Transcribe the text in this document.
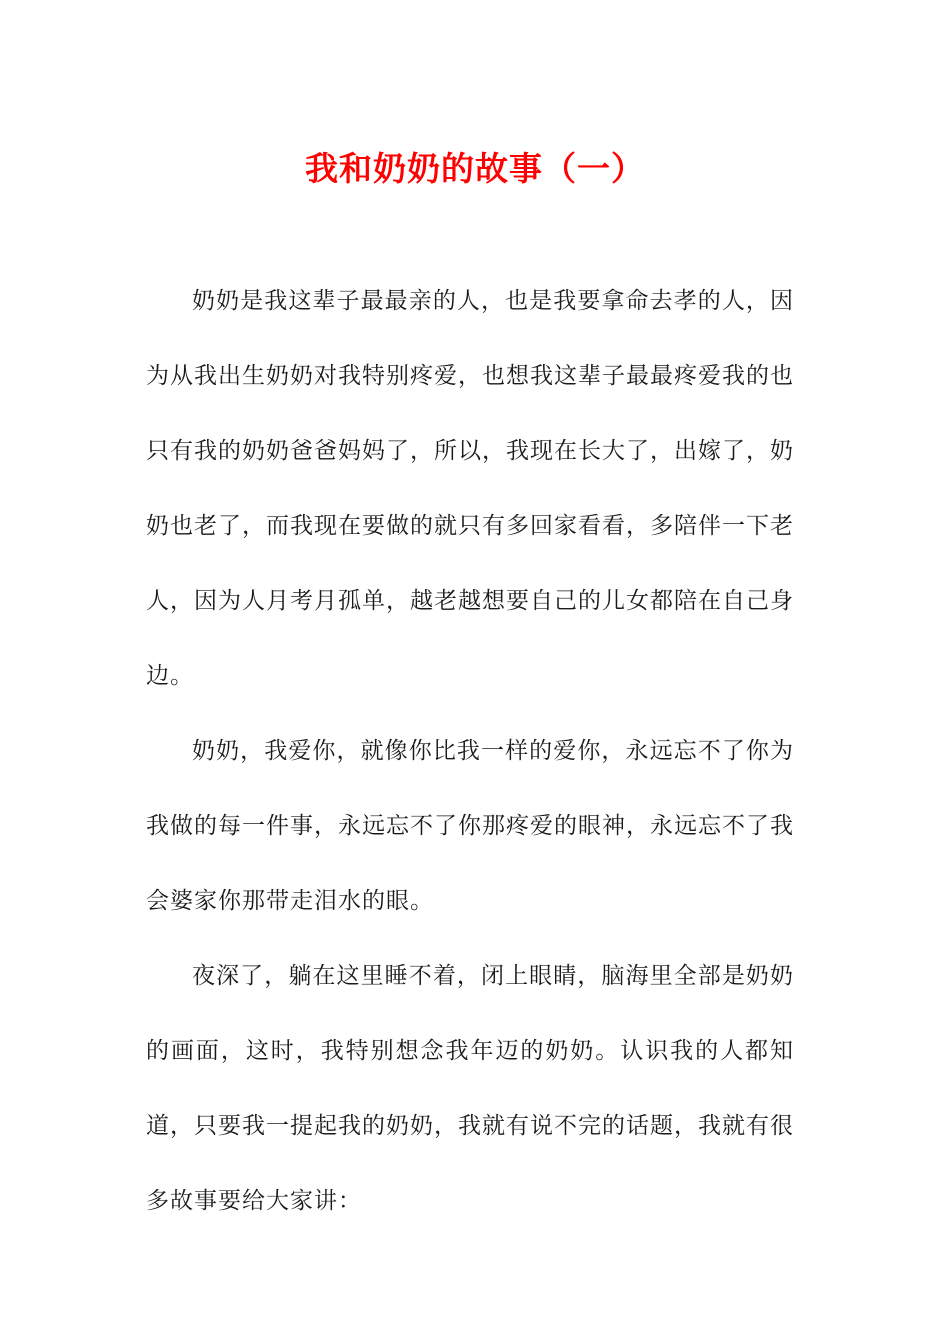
我和奶奶的故事（一）

奶奶是我这辈子最最亲的人，也是我要拿命去孝的人，因为从我出生奶奶对我特别疼爱，也想我这辈子最最疼爱我的也只有我的奶奶爸爸妈妈了，所以，我现在长大了，出嫁了，奶奶也老了，而我现在要做的就只有多回家看看，多陪伴一下老人，因为人月考月孤单，越老越想要自己的儿女都陪在自己身边。

奶奶，我爱你，就像你比我一样的爱你，永远忘不了你为我做的每一件事，永远忘不了你那疼爱的眼神，永远忘不了我会婆家你那带走泪水的眼。

夜深了，躺在这里睡不着，闭上眼睛，脑海里全部是奶奶的画面，这时，我特别想念我年迈的奶奶。认识我的人都知道，只要我一提起我的奶奶，我就有说不完的话题，我就有很多故事要给大家讲：
